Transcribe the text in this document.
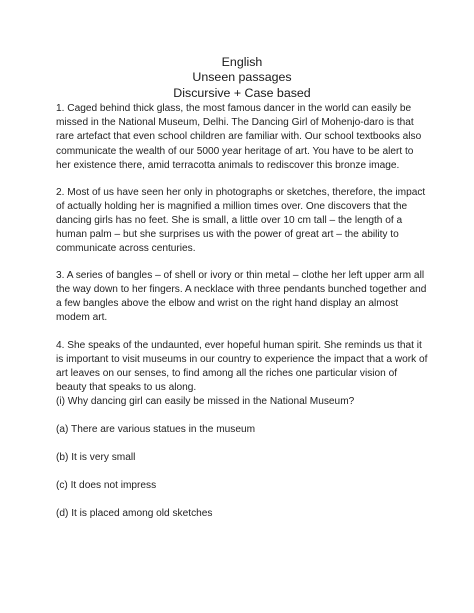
English
Unseen passages
Discursive + Case based

1. Caged behind thick glass, the most famous dancer in the world can easily be missed in the National Museum, Delhi. The Dancing Girl of Mohenjo-daro is that rare artefact that even school children are familiar with. Our school textbooks also communicate the wealth of our 5000 year heritage of art. You have to be alert to her existence there, amid terracotta animals to rediscover this bronze image.

2. Most of us have seen her only in photographs or sketches, therefore, the impact of actually holding her is magnified a million times over. One discovers that the dancing girls has no feet. She is small, a little over 10 cm tall – the length of a human palm – but she surprises us with the power of great art – the ability to communicate across centuries.

3. A series of bangles – of shell or ivory or thin metal – clothe her left upper arm all the way down to her fingers. A necklace with three pendants bunched together and a few bangles above the elbow and wrist on the right hand display an almost modem art.

4. She speaks of the undaunted, ever hopeful human spirit. She reminds us that it is important to visit museums in our country to experience the impact that a work of art leaves on our senses, to find among all the riches one particular vision of beauty that speaks to us along.

(i) Why dancing girl can easily be missed in the National Museum?

(a) There are various statues in the museum

(b) It is very small

(c) It does not impress

(d) It is placed among old sketches
